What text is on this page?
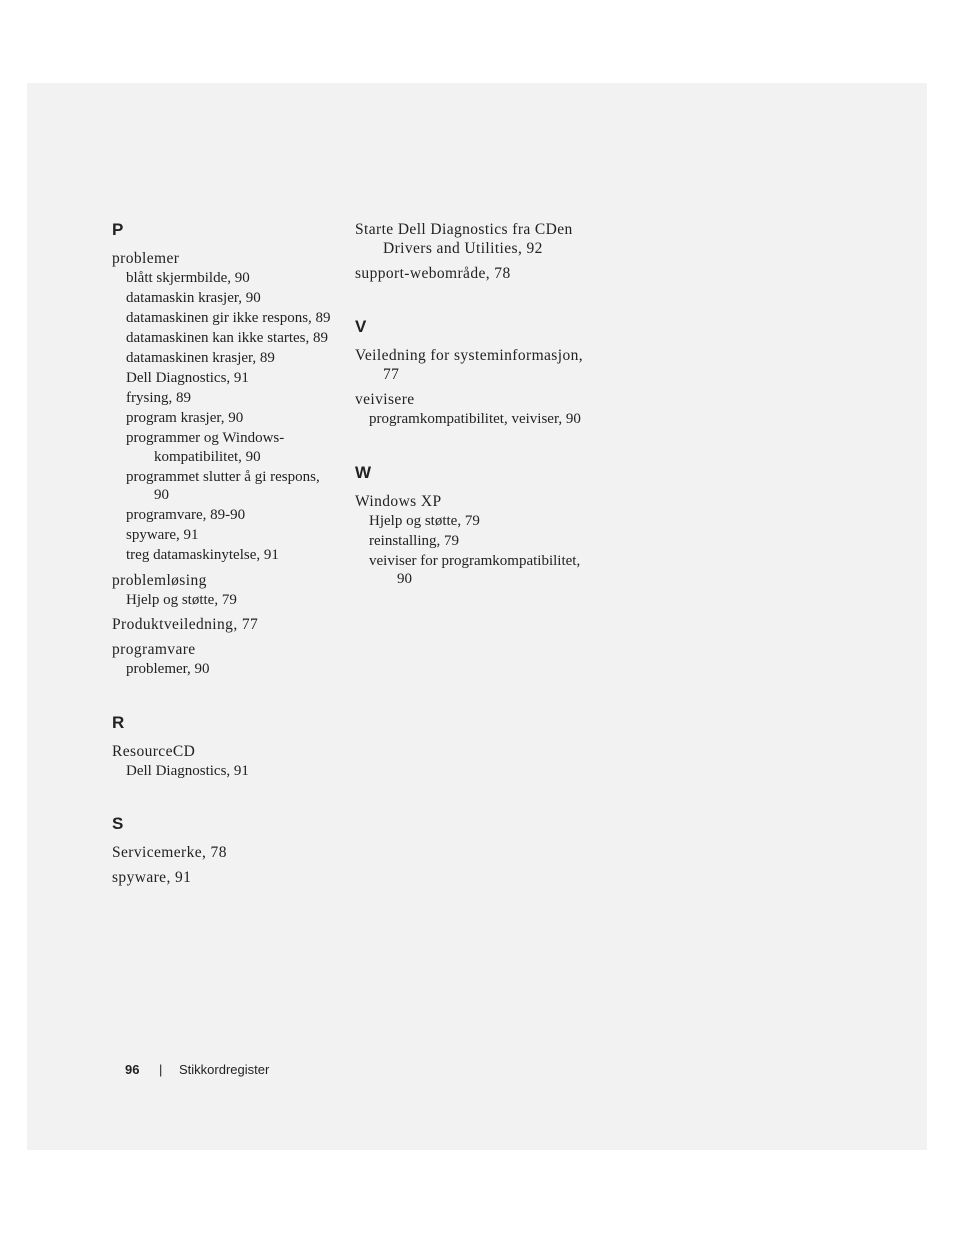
P
problemer
blått skjermbilde, 90
datamaskin krasjer, 90
datamaskinen gir ikke respons, 89
datamaskinen kan ikke startes, 89
datamaskinen krasjer, 89
Dell Diagnostics, 91
frysing, 89
program krasjer, 90
programmer og Windows-kompatibilitet, 90
programmet slutter å gi respons, 90
programvare, 89-90
spyware, 91
treg datamaskinytelse, 91
problemløsing
Hjelp og støtte, 79
Produktveiledning, 77
programvare
problemer, 90
R
ResourceCD
Dell Diagnostics, 91
S
Servicemerke, 78
spyware, 91
Starte Dell Diagnostics fra CDen Drivers and Utilities, 92
support-webområde, 78
V
Veiledning for systeminformasjon, 77
veivisere
programkompatibilitet, veiviser, 90
W
Windows XP
Hjelp og støtte, 79
reinstalling, 79
veiviser for programkompatibilitet, 90
96 | Stikkordregister
